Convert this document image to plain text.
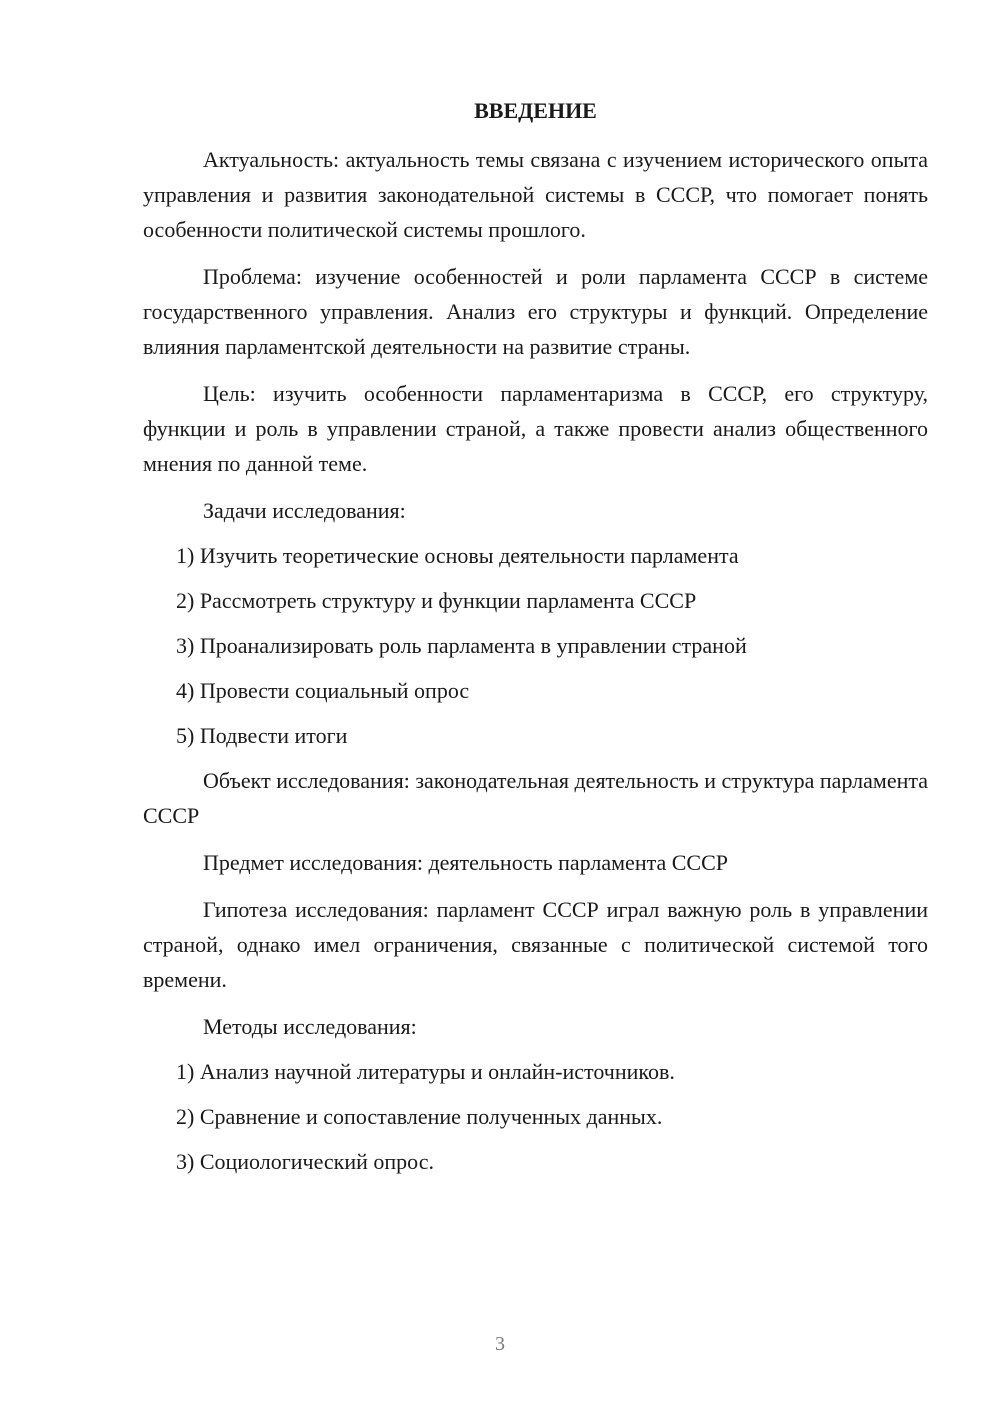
ВВЕДЕНИЕ
Актуальность: актуальность темы связана с изучением исторического опыта управления и развития законодательной системы в СССР, что помогает понять особенности политической системы прошлого.
Проблема: изучение особенностей и роли парламента СССР в системе государственного управления. Анализ его структуры и функций. Определение влияния парламентской деятельности на развитие страны.
Цель: изучить особенности парламентаризма в СССР, его структуру, функции и роль в управлении страной, а также провести анализ общественного мнения по данной теме.
Задачи исследования:
1) Изучить теоретические основы деятельности парламента
2) Рассмотреть структуру и функции парламента СССР
3) Проанализировать роль парламента в управлении страной
4) Провести социальный опрос
5) Подвести итоги
Объект исследования: законодательная деятельность и структура парламента СССР
Предмет исследования: деятельность парламента СССР
Гипотеза исследования: парламент СССР играл важную роль в управлении страной, однако имел ограничения, связанные с политической системой того времени.
Методы исследования:
1) Анализ научной литературы и онлайн-источников.
2) Сравнение и сопоставление полученных данных.
3) Социологический опрос.
3
